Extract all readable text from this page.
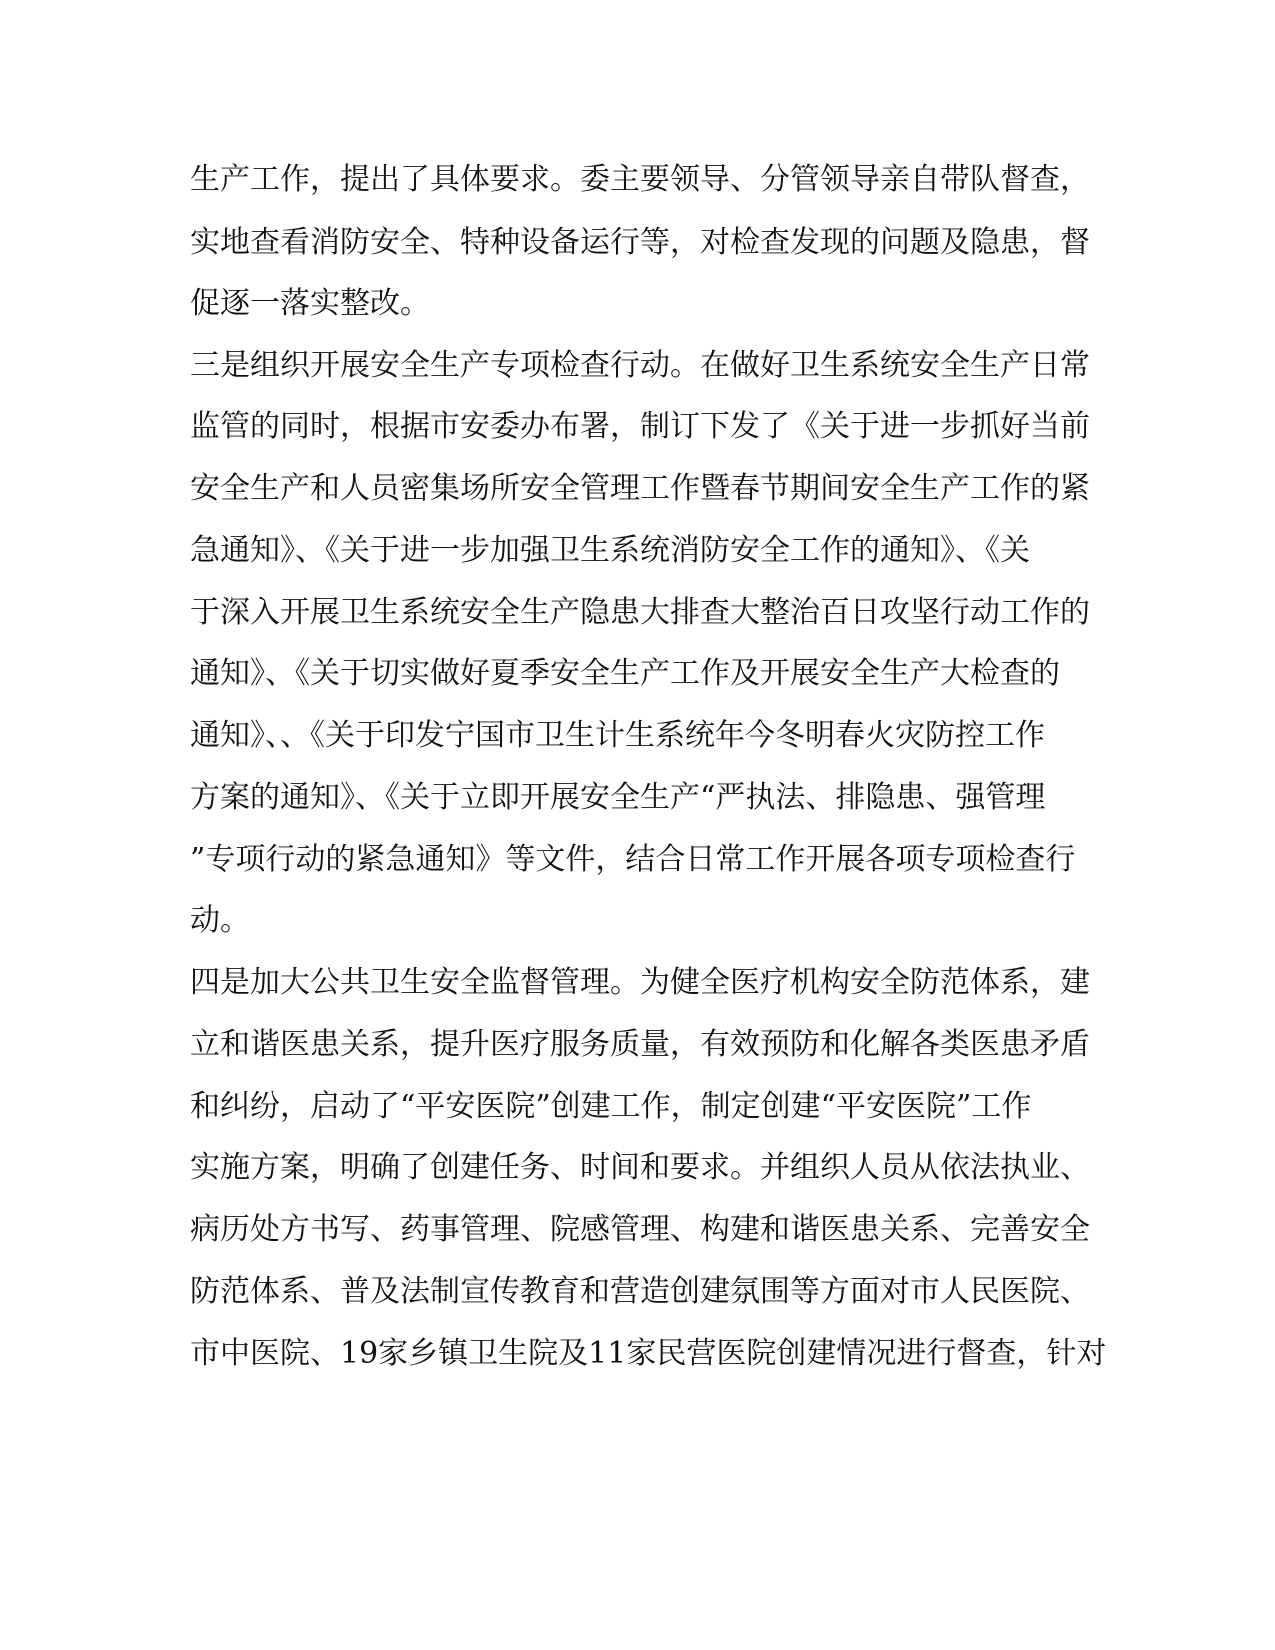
生产工作，提出了具体要求。委主要领导、分管领导亲自带队督查，

实地查看消防安全、特种设备运行等，对检查发现的问题及隐患，督

促逐一落实整改。

三是组织开展安全生产专项检查行动。在做好卫生系统安全生产日常

监管的同时，根据市安委办布署，制订下发了《关于进一步抓好当前

安全生产和人员密集场所安全管理工作暨春节期间安全生产工作的紧

急通知》、《关于进一步加强卫生系统消防安全工作的通知》、《关

于深入开展卫生系统安全生产隐患大排查大整治百日攻坚行动工作的

通知》、《关于切实做好夏季安全生产工作及开展安全生产大检查的

通知》、、《关于印发宁国市卫生计生系统年今冬明春火灾防控工作

方案的通知》、《关于立即开展安全生产“严执法、排隐患、强管理

”专项行动的紧急通知》等文件，结合日常工作开展各项专项检查行

动。

四是加大公共卫生安全监督管理。为健全医疗机构安全防范体系，建

立和谐医患关系，提升医疗服务质量，有效预防和化解各类医患矛盾

和纠纷，启动了“平安医院”创建工作，制定创建“平安医院”工作

实施方案，明确了创建任务、时间和要求。并组织人员从依法执业、

病历处方书写、药事管理、院感管理、构建和谐医患关系、完善安全

防范体系、普及法制宣传教育和营造创建氛围等方面对市人民医院、

市中医院、19家乡镇卫生院及11家民营医院创建情况进行督查，针对
